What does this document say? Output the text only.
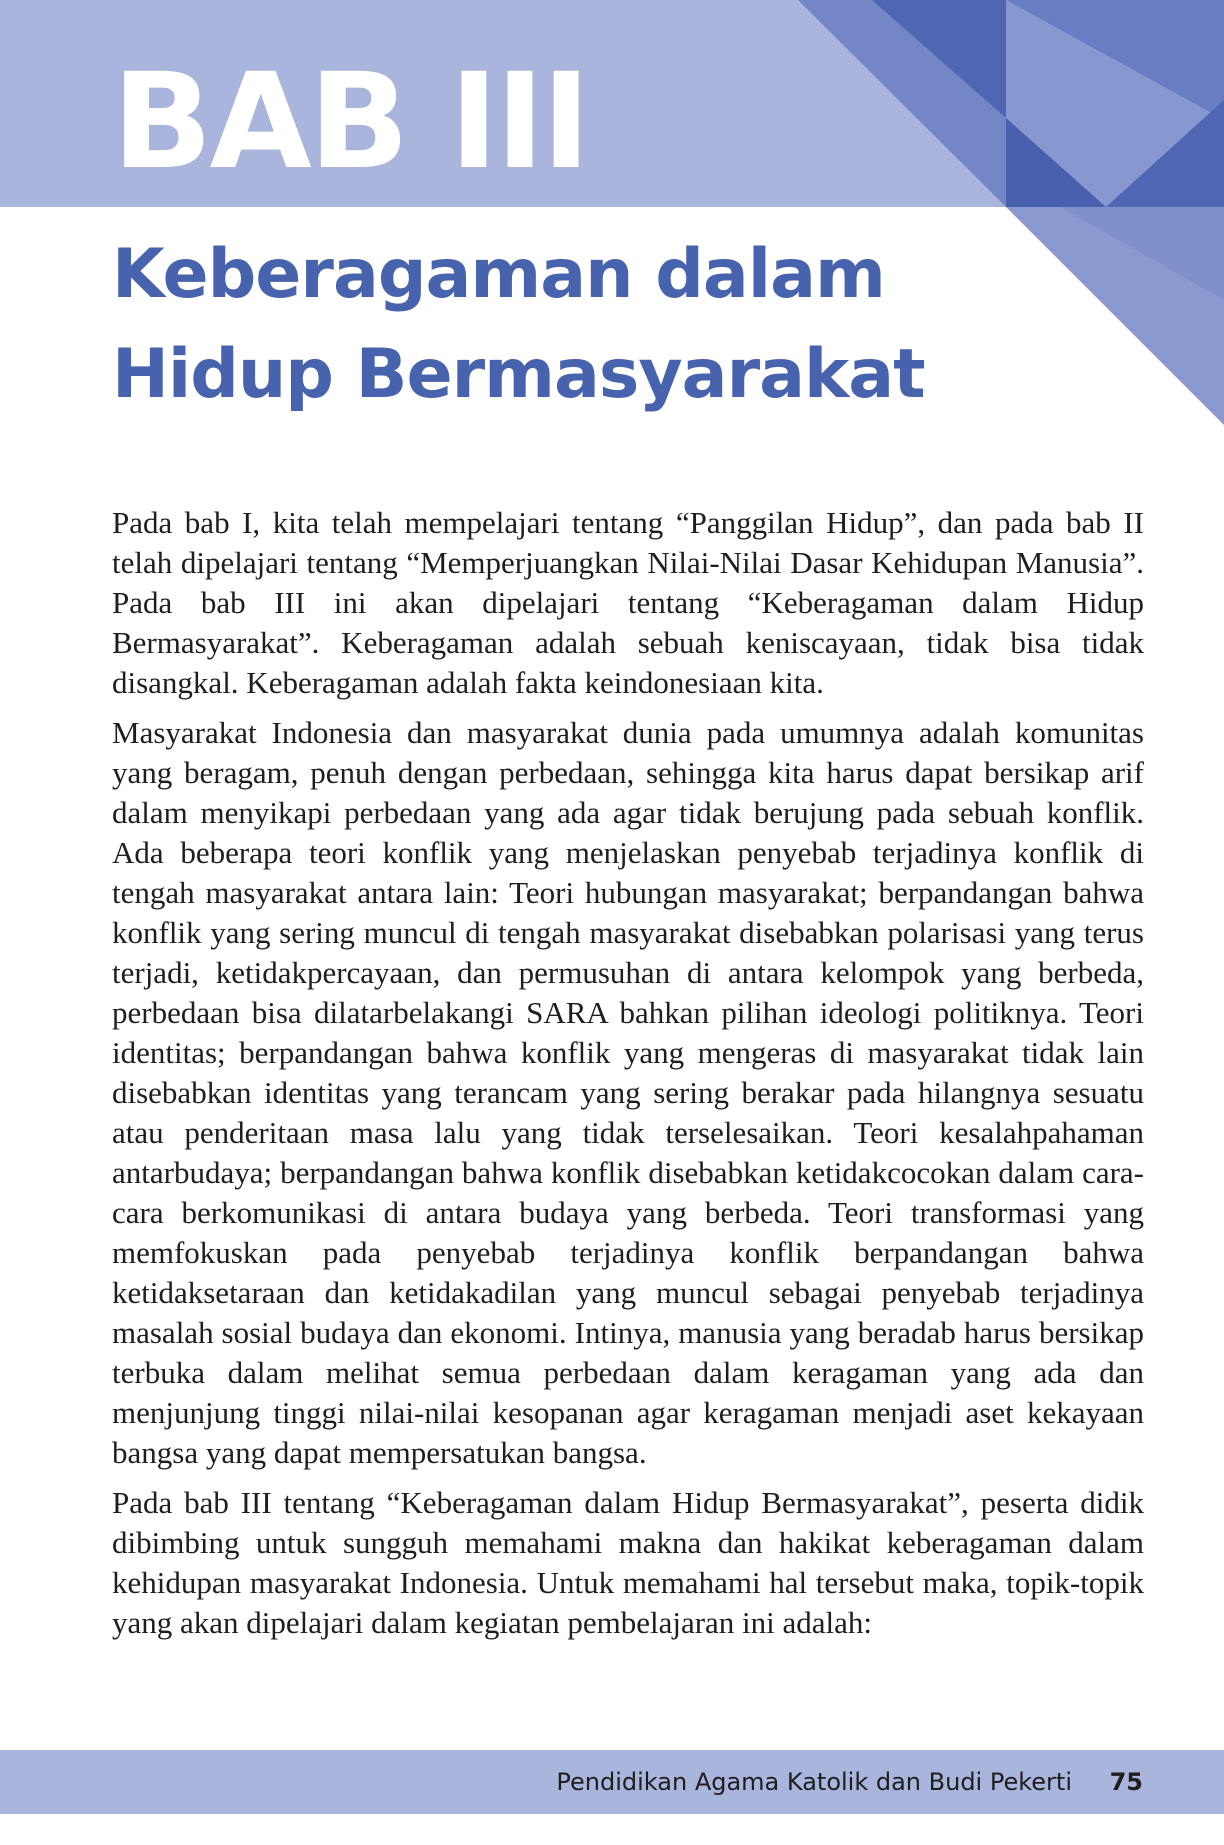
BAB III
Keberagaman dalam
Hidup Bermasyarakat

Pada bab I, kita telah mempelajari tentang “Panggilan Hidup”, dan pada bab II telah dipelajari tentang “Memperjuangkan Nilai-Nilai Dasar Kehidupan Manusia”. Pada bab III ini akan dipelajari tentang “Keberagaman dalam Hidup Bermasyarakat”. Keberagaman adalah sebuah keniscayaan, tidak bisa tidak disangkal. Keberagaman adalah fakta keindonesiaan kita.

Masyarakat Indonesia dan masyarakat dunia pada umumnya adalah komunitas yang beragam, penuh dengan perbedaan, sehingga kita harus dapat bersikap arif dalam menyikapi perbedaan yang ada agar tidak berujung pada sebuah konflik. Ada beberapa teori konflik yang menjelaskan penyebab terjadinya konflik di tengah masyarakat antara lain: Teori hubungan masyarakat; berpandangan bahwa konflik yang sering muncul di tengah masyarakat disebabkan polarisasi yang terus terjadi, ketidakpercayaan, dan permusuhan di antara kelompok yang berbeda, perbedaan bisa dilatarbelakangi SARA bahkan pilihan ideologi politiknya. Teori identitas; berpandangan bahwa konflik yang mengeras di masyarakat tidak lain disebabkan identitas yang terancam yang sering berakar pada hilangnya sesuatu atau penderitaan masa lalu yang tidak terselesaikan. Teori kesalahpahaman antarbudaya; berpandangan bahwa konflik disebabkan ketidakcocokan dalam cara-cara berkomunikasi di antara budaya yang berbeda. Teori transformasi yang memfokuskan pada penyebab terjadinya konflik berpandangan bahwa ketidaksetaraan dan ketidakadilan yang muncul sebagai penyebab terjadinya masalah sosial budaya dan ekonomi. Intinya, manusia yang beradab harus bersikap terbuka dalam melihat semua perbedaan dalam keragaman yang ada dan menjunjung tinggi nilai-nilai kesopanan agar keragaman menjadi aset kekayaan bangsa yang dapat mempersatukan bangsa.

Pada bab III tentang “Keberagaman dalam Hidup Bermasyarakat”, peserta didik dibimbing untuk sungguh memahami makna dan hakikat keberagaman dalam kehidupan masyarakat Indonesia. Untuk memahami hal tersebut maka, topik-topik yang akan dipelajari dalam kegiatan pembelajaran ini adalah:

Pendidikan Agama Katolik dan Budi Pekerti 75
